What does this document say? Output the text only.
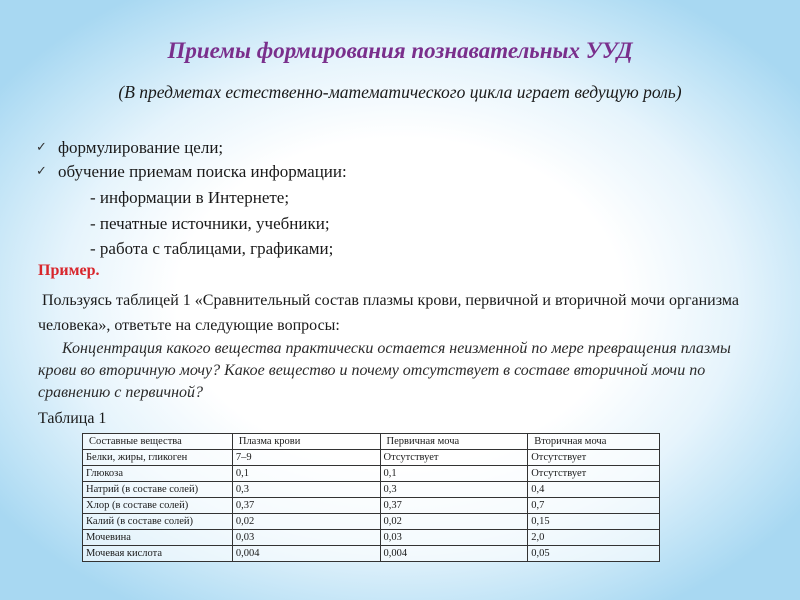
Приемы формирования познавательных УУД
(В предметах естественно-математического цикла играет ведущую роль)
✓ формулирование цели;
✓ обучение приемам поиска информации:
- информации в Интернете;
- печатные источники, учебники;
- работа с таблицами, графиками;
Пример.
Пользуясь таблицей 1 «Сравнительный состав плазмы крови, первичной и вторичной мочи организма человека», ответьте на следующие вопросы:
Концентрация какого вещества практически остается неизменной по мере превращения плазмы крови во вторичную мочу? Какое вещество и почему отсутствует в составе вторичной мочи по сравнению с первичной?
Таблица 1
Составные вещества	Плазма крови	Первичная моча	Вторичная моча
Белки, жиры, гликоген	7–9	Отсутствует	Отсутствует
Глюкоза	0,1	0,1	Отсутствует
Натрий (в составе солей)	0,3	0,3	0,4
Хлор (в составе солей)	0,37	0,37	0,7
Калий (в составе солей)	0,02	0,02	0,15
Мочевина	0,03	0,03	2,0
Мочевая кислота	0,004	0,004	0,05
